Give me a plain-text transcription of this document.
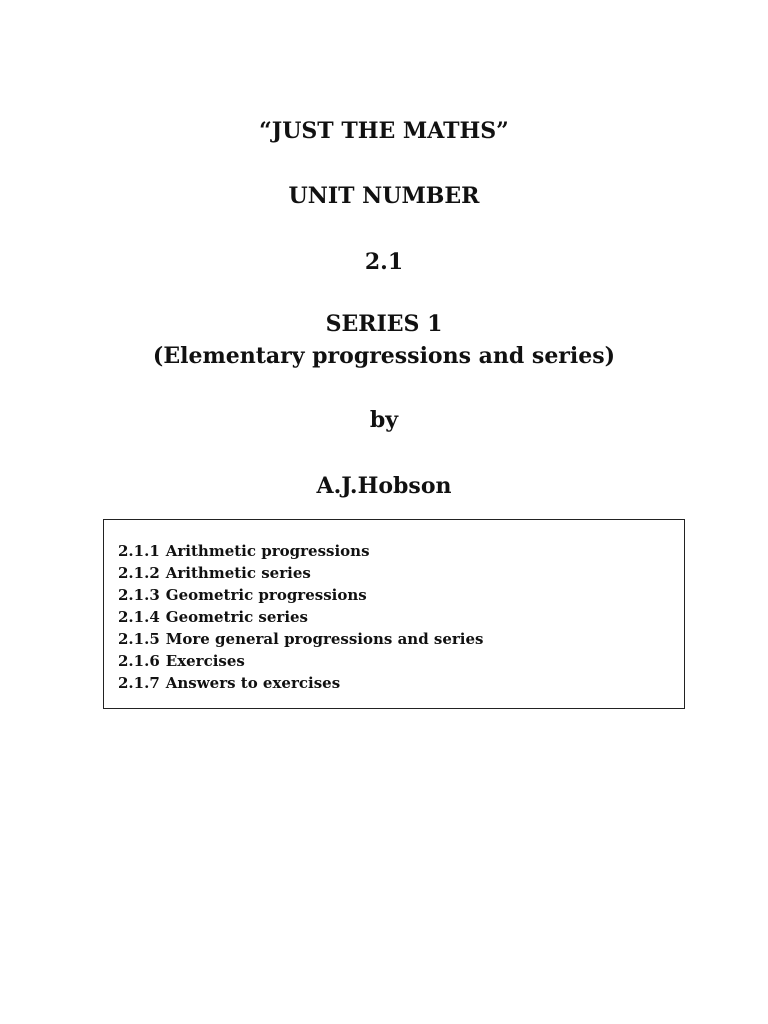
“JUST THE MATHS”
UNIT NUMBER
2.1
SERIES 1
(Elementary progressions and series)
by
A.J.Hobson
2.1.1 Arithmetic progressions
2.1.2 Arithmetic series
2.1.3 Geometric progressions
2.1.4 Geometric series
2.1.5 More general progressions and series
2.1.6 Exercises
2.1.7 Answers to exercises
